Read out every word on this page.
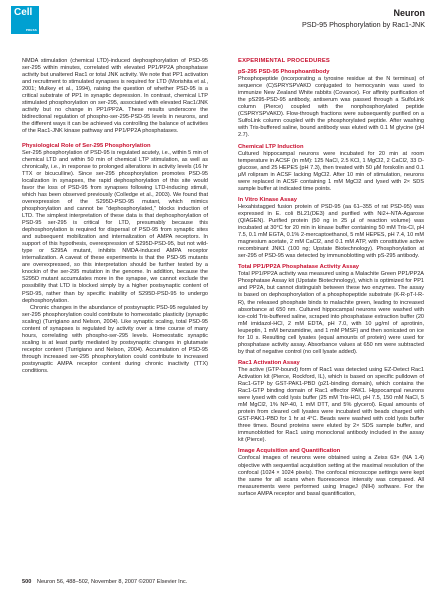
Cell
PRESS
Neuron
PSD-95 Phosphorylation by Rac1-JNK

NMDA stimulation (chemical LTD)-induced dephosphorylation of PSD-95 ser-295 within minutes, correlated with elevated PP1/PP2A phosphatase activity but unaltered Rac1 or total JNK activity. We note that PP1 activation and recruitment to stimulated synapses is required for LTD (Morishita et al., 2001; Mulkey et al., 1994), raising the question of whether PSD-95 is a critical substrate of PP1 in synaptic depression. In contrast, chemical LTP stimulated phosphorylation on ser-295, associated with elevated Rac1/JNK activity but no change in PP1/PP2A. These results underscore the bidirectional regulation of phospho-ser-295-PSD-95 levels in neurons, and the different ways it can be achieved via controlling the balance of activities of the Rac1-JNK kinase pathway and PP1/PP2A phosphatases.

Physiological Role of Ser-295 Phosphorylation

Ser-295 phosphorylation of PSD-95 is regulated acutely, i.e., within 5 min of chemical LTD and within 50 min of chemical LTP stimulation, as well as chronically, i.e., in response to prolonged alterations in activity levels (16 hr TTX or bicuculline). Since ser-295 phosphorylation promotes PSD-95 localization in synapses, the rapid dephosphorylation of this site would favor the loss of PSD-95 from synapses following LTD-inducing stimuli, which has been observed previously (Colledge et al., 2003). We found that overexpression of the S295D-PSD-95 mutant, which mimics phosphorylation and cannot be "dephosphorylated," blocks induction of LTD. The simplest interpretation of these data is that dephosphorylation of PSD-95 ser-295 is critical for LTD, presumably because this dephosphorylation is required for dispersal of PSD-95 from synaptic sites and subsequent mobilization and internalization of AMPA receptors. In support of this hypothesis, overexpression of S295D-PSD-95, but not wild-type or S295A mutant, inhibits NMDA-induced AMPA receptor internalization. A caveat of these experiments is that the PSD-95 mutants are overexpressed, so this interpretation should be further tested by a knockin of the ser-295 mutation in the genome. In addition, because the S295D mutant accumulates more in the synapse, we cannot exclude the possibility that LTD is blocked simply by a higher postsynaptic content of PSD-95, rather than by specific inability of S295D-PSD-95 to undergo dephosphorylation.

Chronic changes in the abundance of postsynaptic PSD-95 regulated by ser-295 phosphorylation could contribute to homeostatic plasticity (synaptic scaling) (Turrigiano and Nelson, 2004). Like synaptic scaling, total PSD-95 content of synapses is regulated by activity over a time course of many hours, correlating with phospho-ser-295 levels. Homeostatic synaptic scaling is at least partly mediated by postsynaptic changes in glutamate receptor content (Turrigiano and Nelson, 2004). Accumulation of PSD-95 through increased ser-295 phosphorylation could contribute to increased postsynaptic AMPA receptor content during chronic inactivity (TTX) conditions.

EXPERIMENTAL PROCEDURES
pS-295 PSD-95 Phosphoantibody

Phosphopeptide (incorporating a tyrosine residue at the N terminus) of sequence (C)SPRYSPVAKD conjugated to hemocyanin was used to immunize New Zealand White rabbits (Covance). For affinity purification of the pS295-PSD-95 antibody, antiserum was passed through a SulfoLink column (Pierce) coupled with the nonphosphorylated peptide (CSPRYSPVAKD). Flow-through fractions were subsequently purified on a SulfoLink column coupled with the phosphorylated peptide. After washing with Tris-buffered saline, bound antibody was eluted with 0.1 M glycine (pH 2.7).

Chemical LTP Induction

Cultured hippocampal neurons were incubated for 20 min at room temperature in ACSF (in mM): 125 NaCl, 2.5 KCl, 1 MgCl2, 2 CaCl2, 33 D-glucose, and 25 HEPES (pH 7.3), then treated with 50 μM forskolin and 0.1 μM rolipram in ACSF lacking MgCl2. After 10 min of stimulation, neurons were replaced in ACSF containing 1 mM MgCl2 and lysed with 2× SDS sample buffer at indicated time points.

In Vitro Kinase Assay

Hexahistagged fusion protein of PSD-95 (aa 61–355 of rat PSD-95) was expressed in E. coli BL21(DE3) and purified with Ni2+-NTA-Agarose (QIAGEN). Purified protein (50 ng in 25 μl of reaction volume) was incubated at 30°C for 20 min in kinase buffer containing 50 mM Tris-Cl, pH 7.5, 0.1 mM EGTA, 0.1% 2-mercaptoethanol, 5 mM HEPES, pH 7.4, 10 mM magnesium acetate, 2 mM CaCl2, and 0.1 mM ATP, with constitutive active recombinant JNK1 (100 ng; Upstate Biotechnology). Phosphorylation at ser-295 of PSD-95 was detected by immunoblotting with pS-295 antibody.

Total PP1/PP2A Phosphatase Activity Assay

Total PP1/PP2A activity was measured using a Malachite Green PP1/PP2A Phosphatase Assay kit (Upstate Biotechnology), which is optimized for PP1 and PP2A, but cannot distinguish between these two enzymes. The assay is based on dephosphorylation of a phosphopeptide substrate (K-R-pT-I-R-R), the released phosphate binds to malachite green, leading to increased absorbance at 650 nm. Cultured hippocampal neurons were washed with ice-cold Tris-buffered saline, scraped into phosphatase extraction buffer (20 mM imidazol-HCl, 2 mM EDTA, pH 7.0, with 10 μg/ml of aprotinin, leupeptin, 1 mM benzamidine, and 1 mM PMSF) and then sonicated on ice for 10 s. Resulting cell lysates (equal amounts of protein) were used for phosphatase activity assay. Absorbance values at 650 nm were subtracted by that of negative control (no cell lysate added).

Rac1 Activation Assay

The active (GTP-bound) form of Rac1 was detected using EZ-Detect Rac1 Activation kit (Pierce, Rockford, IL), which is based on specific pulldown of Rac1-GTP by GST-PAK1-PBD (p21-binding domain), which contains the Rac1-GTP binding domain of Rac1 effector PAK1. Hippocampal neurons were lysed with cold lysis buffer (25 mM Tris-HCl, pH 7.5, 150 mM NaCl, 5 mM MgCl2, 1% NP-40, 1 mM DTT, and 5% glycerol). Equal amounts of protein from cleared cell lysates were incubated with beads charged with GST-PAK1-PBD for 1 hr at 4°C. Beads were washed with cold lysis buffer three times. Bound proteins were eluted by 2× SDS sample buffer, and immunoblotted for Rac1 using monoclonal antibody included in the assay kit (Pierce).

Image Acquisition and Quantification

Confocal images of neurons were obtained using a Zeiss 63× (NA 1.4) objective with sequential acquisition setting at the maximal resolution of the confocal (1024 × 1024 pixels). The confocal microscope settings were kept the same for all scans when fluorescence intensity was compared. All measurements were performed using ImageJ (NIH) software. For the surface AMPA receptor and basal quantification,

500 Neuron 56, 488–502, November 8, 2007 ©2007 Elsevier Inc.
